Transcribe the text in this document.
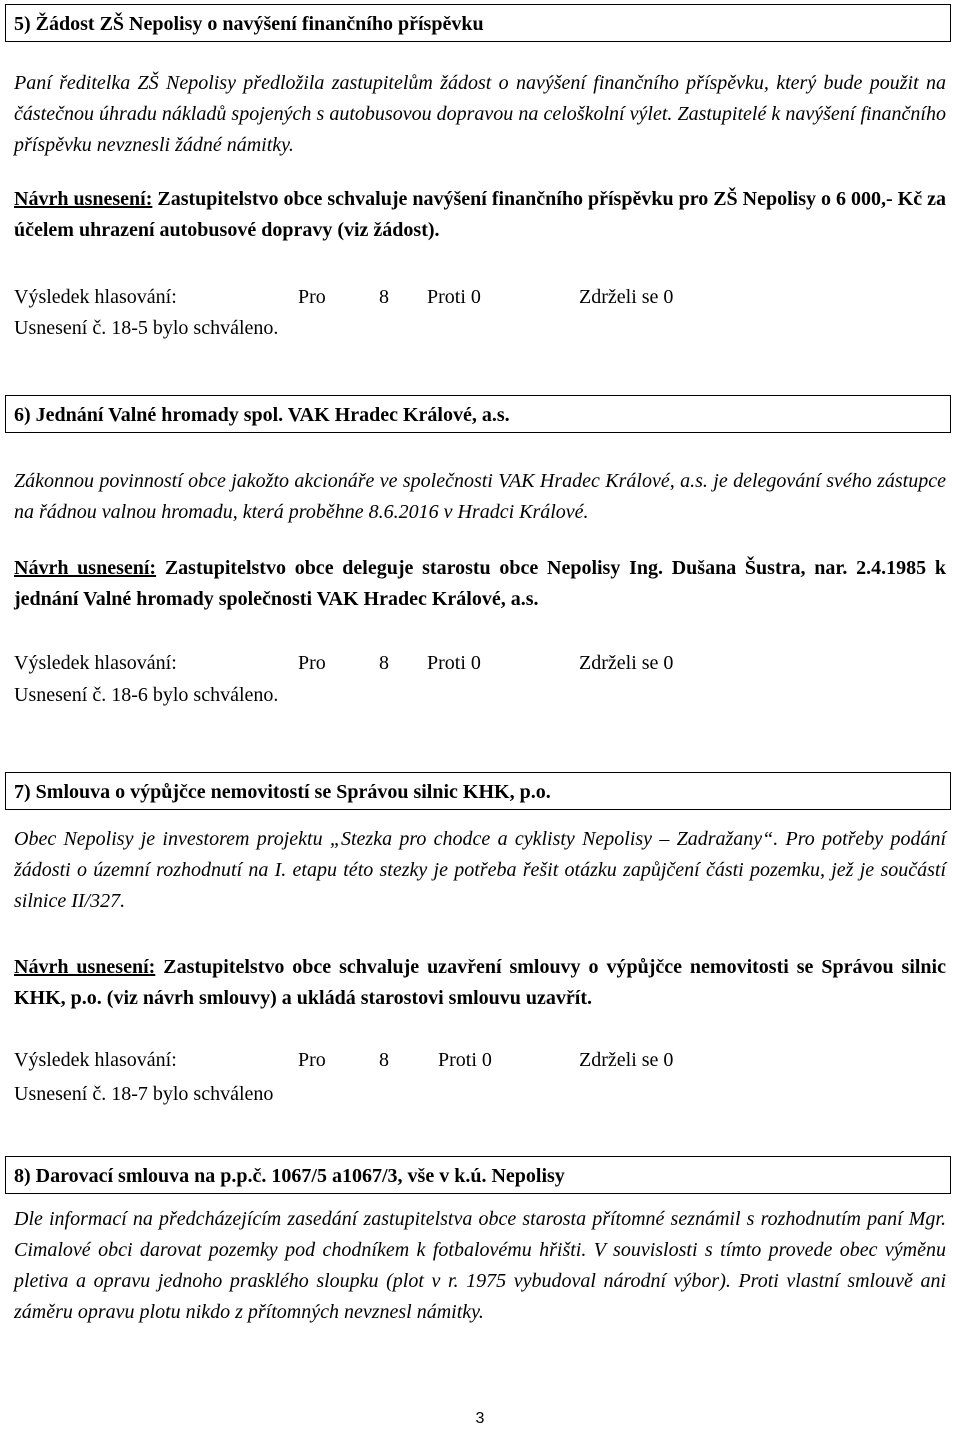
5) Žádost ZŠ Nepolisy o navýšení finančního příspěvku
Paní ředitelka ZŠ Nepolisy předložila zastupitelům žádost o navýšení finančního příspěvku, který bude použit na částečnou úhradu nákladů spojených s autobusovou dopravou na celoškolní výlet. Zastupitelé k navýšení finančního příspěvku nevznesli žádné námitky.
Návrh usnesení: Zastupitelstvo obce schvaluje navýšení finančního příspěvku pro ZŠ Nepolisy o 6 000,- Kč za účelem uhrazení autobusové dopravy (viz žádost).
Výsledek hlasování:	Pro	8 Proti 0	Zdrželi se 0
Usnesení č. 18-5 bylo schváleno.
6) Jednání Valné hromady spol. VAK Hradec Králové, a.s.
Zákonnou povinností obce jakožto akcionáře ve společnosti VAK Hradec Králové, a.s. je delegování svého zástupce na řádnou valnou hromadu, která proběhne 8.6.2016 v Hradci Králové.
Návrh usnesení: Zastupitelstvo obce deleguje starostu obce Nepolisy Ing. Dušana Šustra, nar. 2.4.1985 k jednání Valné hromady společnosti VAK Hradec Králové, a.s.
Výsledek hlasování:	Pro	8 Proti 0	Zdrželi se 0
Usnesení č. 18-6 bylo schváleno.
7) Smlouva o výpůjčce nemovitostí se Správou silnic KHK, p.o.
Obec Nepolisy je investorem projektu „Stezka pro chodce a cyklisty Nepolisy – Zadražany“. Pro potřeby podání žádosti o územní rozhodnutí na I. etapu této stezky je potřeba řešit otázku zapůjčení části pozemku, jež je součástí silnice II/327.
Návrh usnesení: Zastupitelstvo obce schvaluje uzavření smlouvy o výpůjčce nemovitosti se Správou silnic KHK, p.o. (viz návrh smlouvy) a ukládá starostovi smlouvu uzavřít.
Výsledek hlasování:	Pro	8 Proti 0	Zdrželi se 0
Usnesení č. 18-7 bylo schváleno
8) Darovací smlouva na p.p.č. 1067/5 a1067/3, vše v k.ú. Nepolisy
Dle informací na předcházejícím zasedání zastupitelstva obce starosta přítomné seznámil s rozhodnutím paní Mgr. Cimalové obci darovat pozemky pod chodníkem k fotbalovému hřišti. V souvislosti s tímto provede obec výměnu pletiva a opravu jednoho prasklého sloupku (plot v r. 1975 vybudoval národní výbor). Proti vlastní smlouvě ani záměru opravu plotu nikdo z přítomných nevznesl námitky.
3
